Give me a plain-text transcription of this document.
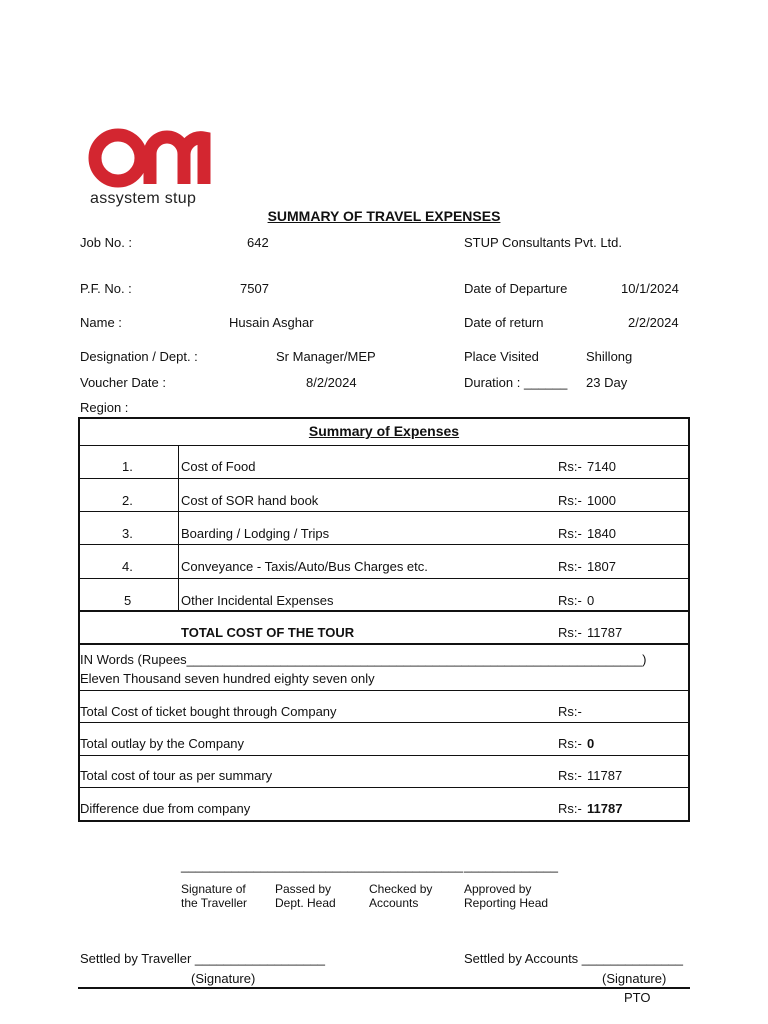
assystem stup
SUMMARY OF TRAVEL EXPENSES
Job No. :	642	STUP Consultants Pvt. Ltd.
P.F. No. :	7507	Date of Departure	10/1/2024
Name :	Husain Asghar	Date of return	2/2/2024
Designation / Dept. :	Sr Manager/MEP	Place Visited	Shillong
Voucher Date :	8/2/2024	Duration : ______ 23 Day
Region :
Summary of Expenses
1.	Cost of Food	Rs:- 7140
2.	Cost of SOR hand book	Rs:- 1000
3.	Boarding / Lodging / Trips	Rs:- 1840
4.	Conveyance - Taxis/Auto/Bus Charges etc.	Rs:- 1807
5	Other Incidental Expenses	Rs:- 0
TOTAL COST OF THE TOUR	Rs:- 11787
IN Words (Rupees_______________________________________________________________)
Eleven Thousand seven hundred eighty seven only
Total Cost of ticket bought through Company	Rs:-
Total outlay by the Company	Rs:- 0
Total cost of tour as per summary	Rs:- 11787
Difference due from company	Rs:- 11787
_____________ _____________ _____________ _____________
Signature of
the Traveller
Passed by
Dept. Head
Checked by
Accounts
Approved by
Reporting Head
Settled by Traveller __________________	Settled by Accounts ______________
(Signature)	(Signature)
PTO
